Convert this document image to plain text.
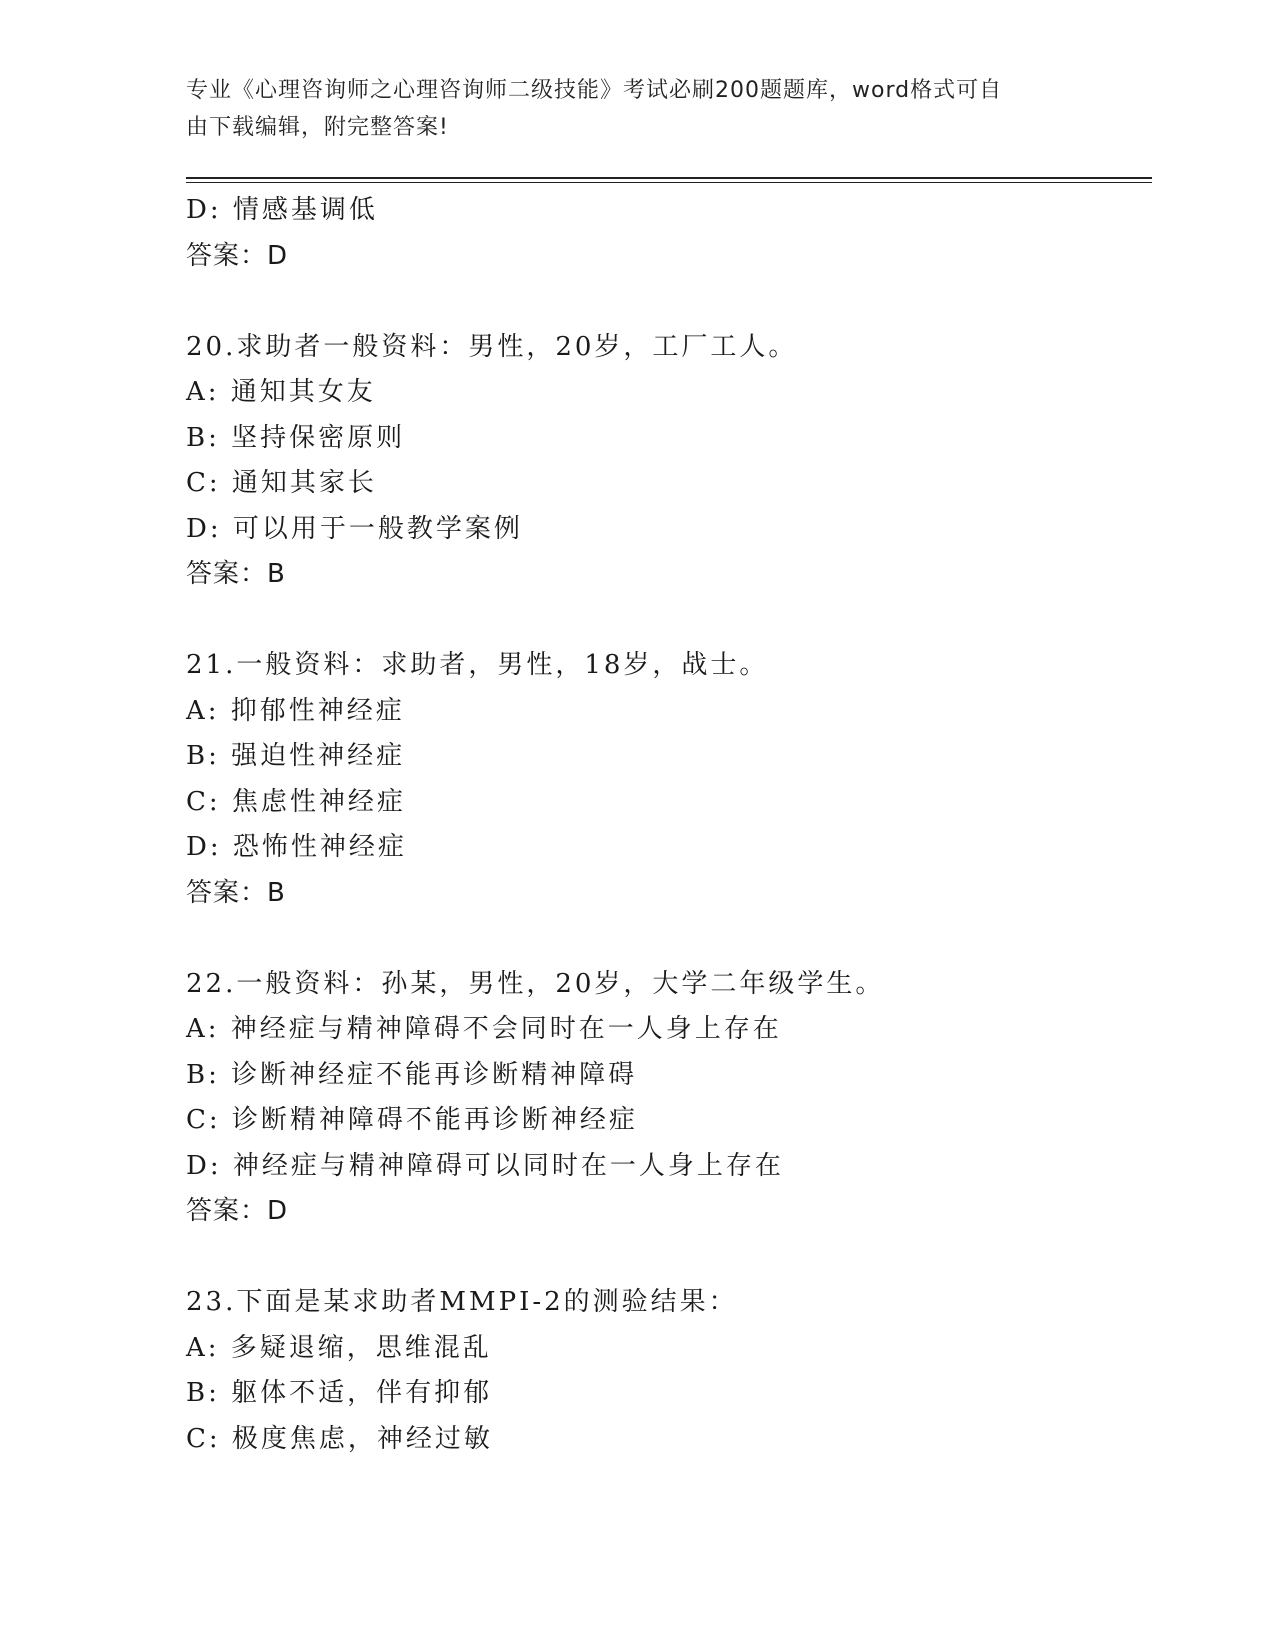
专业《心理咨询师之心理咨询师二级技能》考试必刷200题题库，word格式可自
由下载编辑，附完整答案!
D: 情感基调低
答案：D
20.求助者一般资料：男性，20岁，工厂工人。
A: 通知其女友
B: 坚持保密原则
C: 通知其家长
D: 可以用于一般教学案例
答案：B
21.一般资料：求助者，男性，18岁，战士。
A: 抑郁性神经症
B: 强迫性神经症
C: 焦虑性神经症
D: 恐怖性神经症
答案：B
22.一般资料：孙某，男性，20岁，大学二年级学生。
A: 神经症与精神障碍不会同时在一人身上存在
B: 诊断神经症不能再诊断精神障碍
C: 诊断精神障碍不能再诊断神经症
D: 神经症与精神障碍可以同时在一人身上存在
答案：D
23.下面是某求助者MMPI-2的测验结果：
A: 多疑退缩，思维混乱
B: 躯体不适，伴有抑郁
C: 极度焦虑，神经过敏
